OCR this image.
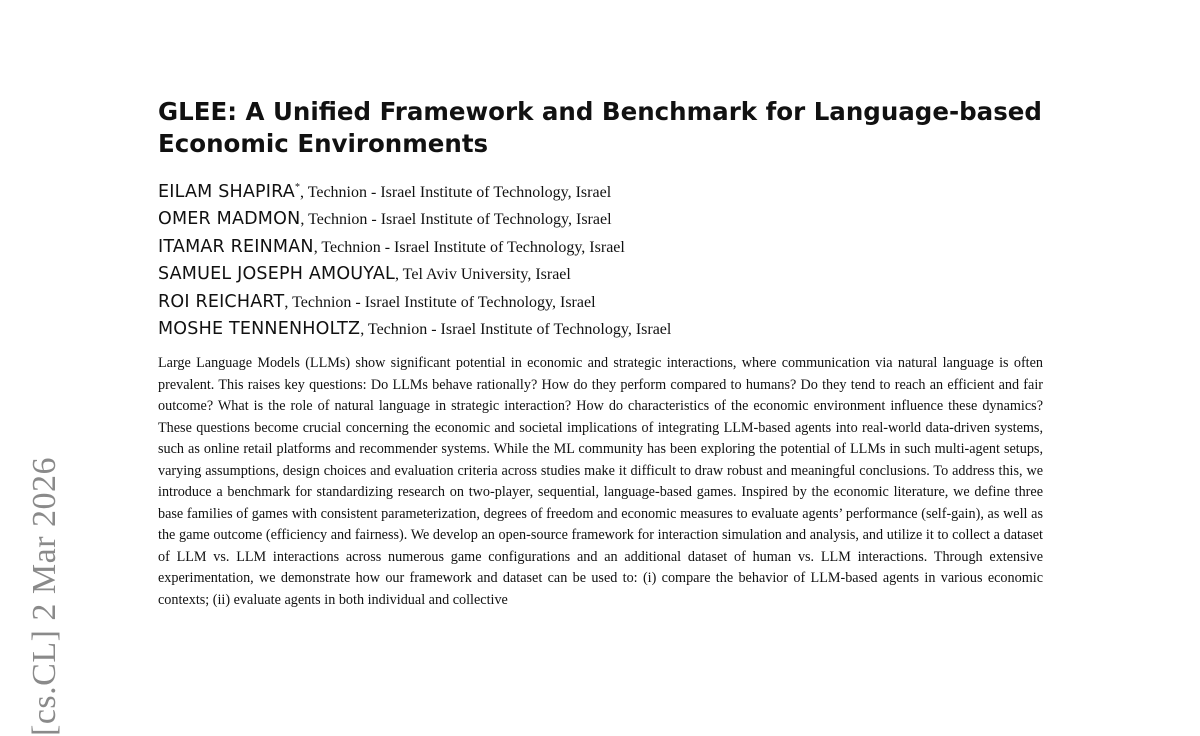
[cs.CL] 2 Mar 2026
GLEE: A Unified Framework and Benchmark for Language-based Economic Environments
EILAM SHAPIRA*, Technion - Israel Institute of Technology, Israel
OMER MADMON, Technion - Israel Institute of Technology, Israel
ITAMAR REINMAN, Technion - Israel Institute of Technology, Israel
SAMUEL JOSEPH AMOUYAL, Tel Aviv University, Israel
ROI REICHART, Technion - Israel Institute of Technology, Israel
MOSHE TENNENHOLTZ, Technion - Israel Institute of Technology, Israel

Large Language Models (LLMs) show significant potential in economic and strategic interactions, where communication via natural language is often prevalent. This raises key questions: Do LLMs behave rationally? How do they perform compared to humans? Do they tend to reach an efficient and fair outcome? What is the role of natural language in strategic interaction? How do characteristics of the economic environment influence these dynamics? These questions become crucial concerning the economic and societal implications of integrating LLM-based agents into real-world data-driven systems, such as online retail platforms and recommender systems. While the ML community has been exploring the potential of LLMs in such multi-agent setups, varying assumptions, design choices and evaluation criteria across studies make it difficult to draw robust and meaningful conclusions. To address this, we introduce a benchmark for standardizing research on two-player, sequential, language-based games. Inspired by the economic literature, we define three base families of games with consistent parameterization, degrees of freedom and economic measures to evaluate agents’ performance (self-gain), as well as the game outcome (efficiency and fairness). We develop an open-source framework for interaction simulation and analysis, and utilize it to collect a dataset of LLM vs. LLM interactions across numerous game configurations and an additional dataset of human vs. LLM interactions. Through extensive experimentation, we demonstrate how our framework and dataset can be used to: (i) compare the behavior of LLM-based agents in various economic contexts; (ii) evaluate agents in both individual and collective
